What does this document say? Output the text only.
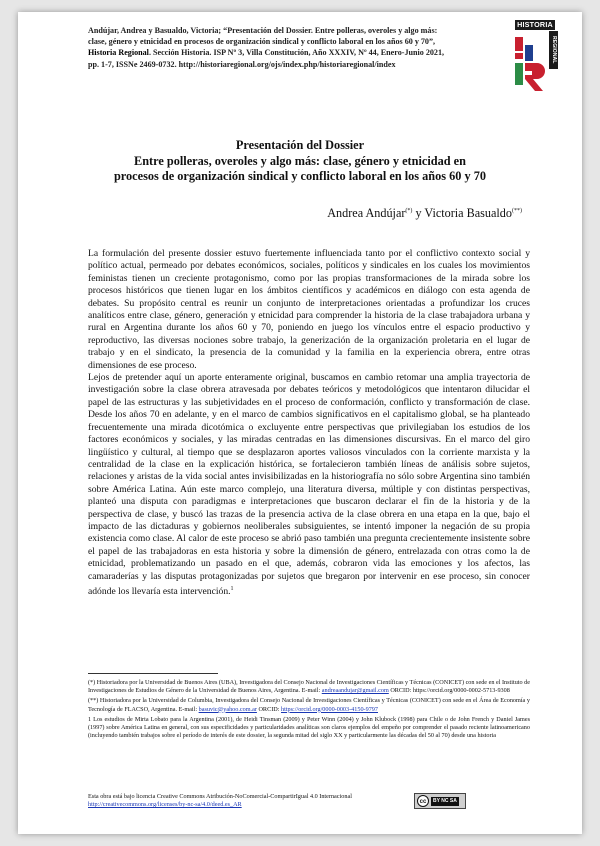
Andújar, Andrea y Basualdo, Victoria; “Presentación del Dossier. Entre polleras, overoles y algo más: clase, género y etnicidad en procesos de organización sindical y conflicto laboral en los años 60 y 70”, Historia Regional. Sección Historia. ISP Nº 3, Villa Constitución, Año XXXIV, Nº 44, Enero-Junio 2021, pp. 1-7, ISSNe 2469-0732. http://historiaregional.org/ojs/index.php/historiaregional/index
HISTORIA
REGIONAL
Presentación del Dossier
Entre polleras, overoles y algo más: clase, género y etnicidad en
procesos de organización sindical y conflicto laboral en los años 60 y 70
Andrea Andújar(*) y Victoria Basualdo(**)

La formulación del presente dossier estuvo fuertemente influenciada tanto por el conflictivo contexto social y político actual, permeado por debates económicos, sociales, políticos y sindicales en los cuales los movimientos feministas tienen un creciente protagonismo, como por las propias transformaciones de la mirada sobre los procesos históricos que tienen lugar en los ámbitos científicos y académicos en diálogo con esta agenda de debates. Su propósito central es reunir un conjunto de interpretaciones orientadas a profundizar los cruces analíticos entre clase, género, generación y etnicidad para comprender la historia de la clase trabajadora urbana y rural en Argentina durante los años 60 y 70, poniendo en juego los vínculos entre el espacio productivo y reproductivo, las diversas nociones sobre trabajo, la generización de la organización proletaria en el lugar de trabajo y en el sindicato, la presencia de la comunidad y la familia en la experiencia obrera, entre otras dimensiones de ese proceso.

Lejos de pretender aquí un aporte enteramente original, buscamos en cambio retomar una amplia trayectoria de investigación sobre la clase obrera atravesada por debates teóricos y metodológicos que intentaron dilucidar el papel de las estructuras y las subjetividades en el proceso de conformación, conflicto y transformación de clase. Desde los años 70 en adelante, y en el marco de cambios significativos en el capitalismo global, se ha planteado frecuentemente una mirada dicotómica o excluyente entre perspectivas que privilegiaban los estudios de los factores económicos y sociales, y las miradas centradas en las dimensiones discursivas. En el marco del giro lingüístico y cultural, al tiempo que se desplazaron aportes valiosos vinculados con la corriente marxista y la centralidad de la clase en la explicación histórica, se fortalecieron también líneas de análisis sobre sujetos, relaciones y aristas de la vida social antes invisibilizadas en la historiografía no sólo sobre Argentina sino también sobre América Latina. Aún este marco complejo, una literatura diversa, múltiple y con distintas perspectivas, planteó una disputa con paradigmas e interpretaciones que buscaron declarar el fin de la historia y de la perspectiva de clase, y buscó las trazas de la presencia activa de la clase obrera en una etapa en la que, bajo el impacto de las dictaduras y gobiernos neoliberales subsiguientes, se intentó imponer la negación de su propia existencia como clase. Al calor de este proceso se abrió paso también una pregunta crecientemente insistente sobre el papel de las trabajadoras en esta historia y sobre la dimensión de género, entrelazada con otras como la de etnicidad, problematizando un pasado en el que, además, cobraron vida las emociones y los afectos, las camaraderías y las disputas protagonizadas por sujetos que bregaron por intervenir en ese proceso, sin conocer adónde los llevaría esta intervención.$^1$

(*) Historiadora por la Universidad de Buenos Aires (UBA), Investigadora del Consejo Nacional de Investigaciones Científicas y Técnicas (CONICET) con sede en el Instituto de Investigaciones de Estudios de Género de la Universidad de Buenos Aires, Argentina. E-mail: andreaandujar@gmail.com ORCID: https://orcid.org/0000-0002-5713-9308

(**) Historiadora por la Universidad de Columbia, Investigadora del Consejo Nacional de Investigaciones Científicas y Técnicas (CONICET) con sede en el Área de Economía y Tecnología de FLACSO, Argentina. E-mail: basuvic@yahoo.com.ar ORCID: https://orcid.org/0000-0003-4150-9797

1 Los estudios de Mirta Lobato para la Argentina (2001), de Heidi Tinsman (2009) y Peter Winn (2004) y John Klubock (1998) para Chile o de John French y Daniel James (1997) sobre América Latina en general, con sus especificidades y particularidades analíticas son claros ejemplos del empeño por comprender el pasado reciente latinoamericano (incluyendo también trabajos sobre el período de interés de este dossier, la segunda mitad del siglo XX y particularmente las décadas del 50 al 70) desde una historia

Esta obra está bajo licencia Creative Commons Atribución-NoComercial-CompartirIgual 4.0 Internacional
http://creativecommons.org/licenses/by-nc-sa/4.0/deed.es_AR	cc	BY NC SA
